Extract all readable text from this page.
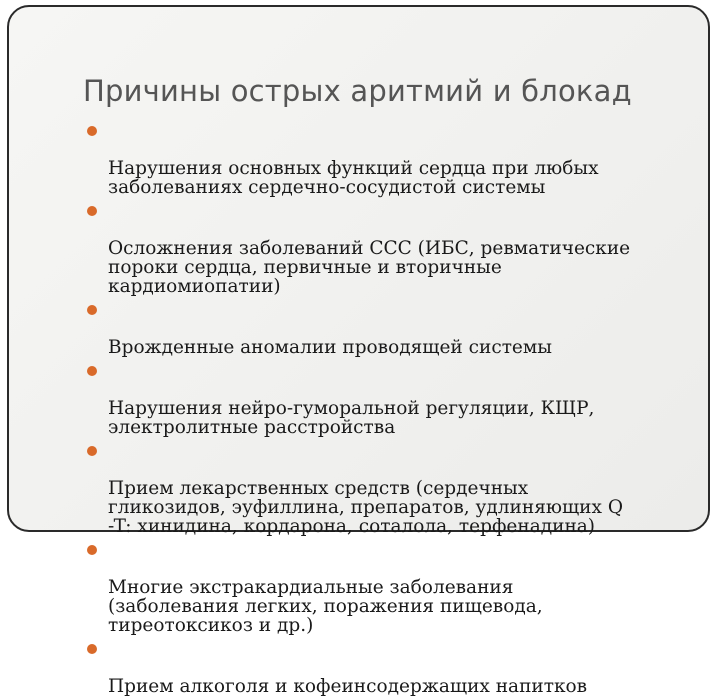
Причины острых аритмий и блокад

Нарушения основных функций сердца при любых
заболеваниях сердечно-сосудистой системы

Осложнения заболеваний ССС (ИБС, ревматические
пороки сердца, первичные и вторичные
кардиомиопатии)

Врожденные аномалии проводящей системы

Нарушения нейро-гуморальной регуляции, КЩР,
электролитные расстройства

Прием лекарственных средств (сердечных
гликозидов, эуфиллина, препаратов, удлиняющих Q
-T: хинидина, кордарона, соталола, терфенадина)

Многие экстракардиальные заболевания
(заболевания легких, поражения пищевода,
тиреотоксикоз и др.)

Прием алкоголя и кофеинсодержащих напитков
